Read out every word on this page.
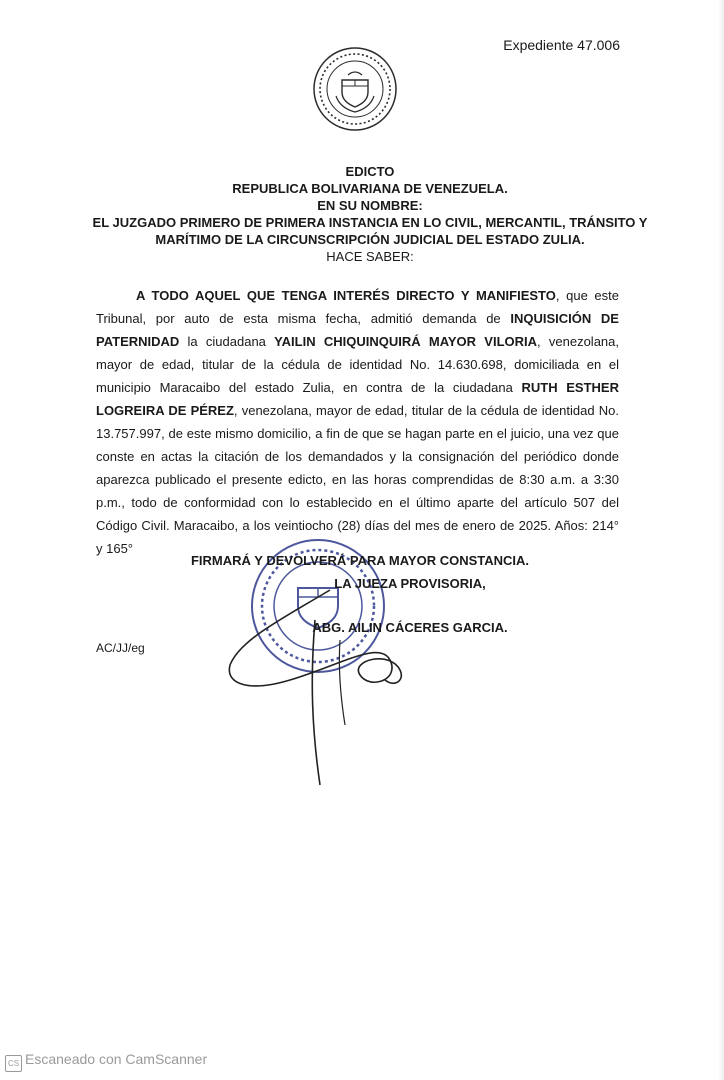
Expediente 47.006
EDICTO
REPUBLICA BOLIVARIANA DE VENEZUELA.
EN SU NOMBRE:
EL JUZGADO PRIMERO DE PRIMERA INSTANCIA EN LO CIVIL, MERCANTIL, TRÁNSITO Y MARÍTIMO DE LA CIRCUNSCRIPCIÓN JUDICIAL DEL ESTADO ZULIA.
HACE SABER:
A TODO AQUEL QUE TENGA INTERÉS DIRECTO Y MANIFIESTO, que este Tribunal, por auto de esta misma fecha, admitió demanda de INQUISICIÓN DE PATERNIDAD la ciudadana YAILIN CHIQUINQUIRÁ MAYOR VILORIA, venezolana, mayor de edad, titular de la cédula de identidad No. 14.630.698, domiciliada en el municipio Maracaibo del estado Zulia, en contra de la ciudadana RUTH ESTHER LOGREIRA DE PÉREZ, venezolana, mayor de edad, titular de la cédula de identidad No. 13.757.997, de este mismo domicilio, a fin de que se hagan parte en el juicio, una vez que conste en actas la citación de los demandados y la consignación del periódico donde aparezca publicado el presente edicto, en las horas comprendidas de 8:30 a.m. a 3:30 p.m., todo de conformidad con lo establecido en el último aparte del artículo 507 del Código Civil. Maracaibo, a los veintiocho (28) días del mes de enero de 2025. Años: 214° y 165°
FIRMARÁ Y DEVOLVERÁ PARA MAYOR CONSTANCIA.
LA JUEZA PROVISORIA,
ABG. AILIN CÁCERES GARCIA.
AC/JJ/eg
CS Escaneado con CamScanner
